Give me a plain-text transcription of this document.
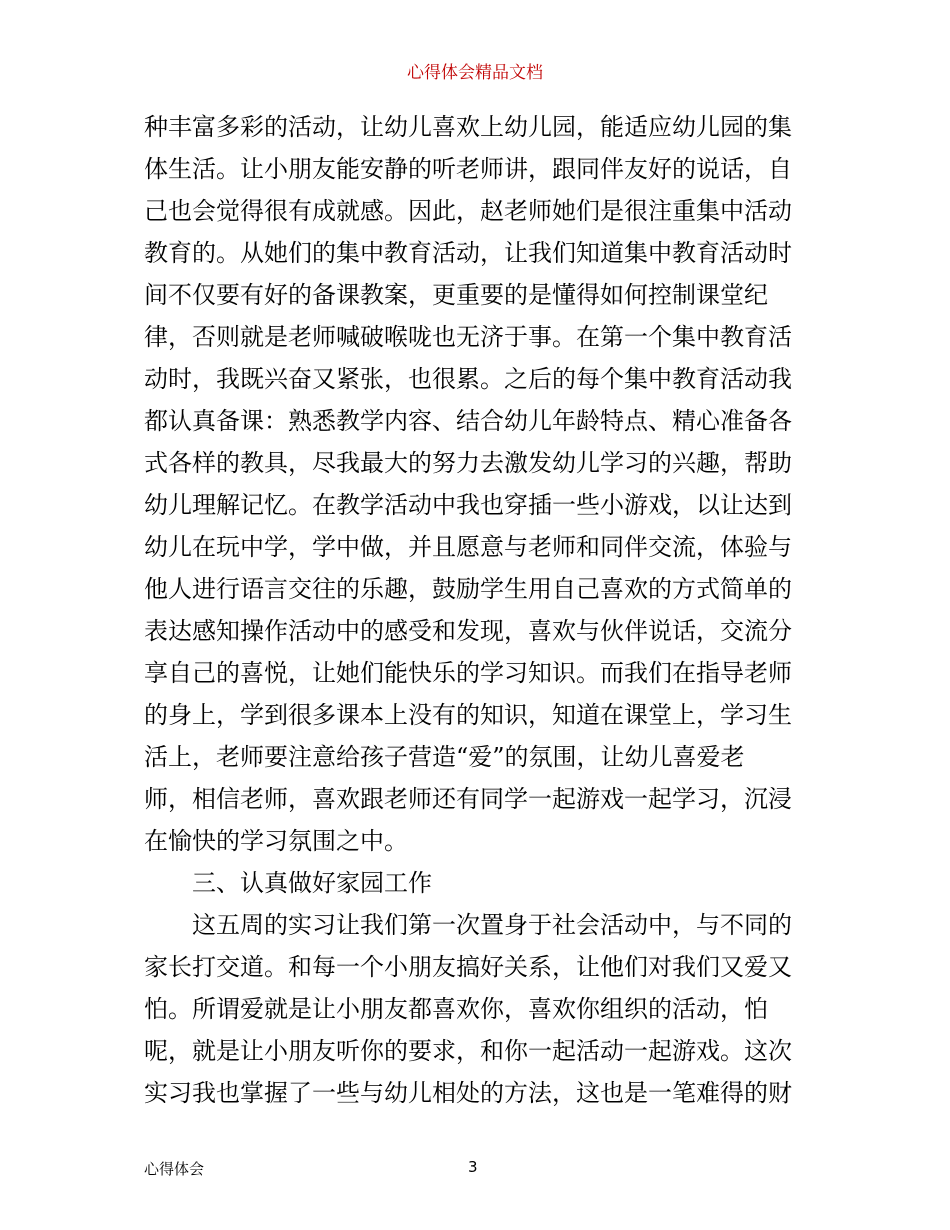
心得体会精品文档
种丰富多彩的活动，让幼儿喜欢上幼儿园，能适应幼儿园的集
体生活。让小朋友能安静的听老师讲，跟同伴友好的说话，自
己也会觉得很有成就感。因此，赵老师她们是很注重集中活动
教育的。从她们的集中教育活动，让我们知道集中教育活动时
间不仅要有好的备课教案，更重要的是懂得如何控制课堂纪
律，否则就是老师喊破喉咙也无济于事。在第一个集中教育活
动时，我既兴奋又紧张，也很累。之后的每个集中教育活动我
都认真备课：熟悉教学内容、结合幼儿年龄特点、精心准备各
式各样的教具，尽我最大的努力去激发幼儿学习的兴趣，帮助
幼儿理解记忆。在教学活动中我也穿插一些小游戏，以让达到
幼儿在玩中学，学中做，并且愿意与老师和同伴交流，体验与
他人进行语言交往的乐趣，鼓励学生用自己喜欢的方式简单的
表达感知操作活动中的感受和发现，喜欢与伙伴说话，交流分
享自己的喜悦，让她们能快乐的学习知识。而我们在指导老师
的身上，学到很多课本上没有的知识，知道在课堂上，学习生
活上，老师要注意给孩子营造“爱”的氛围，让幼儿喜爱老
师，相信老师，喜欢跟老师还有同学一起游戏一起学习，沉浸
在愉快的学习氛围之中。
三、认真做好家园工作
这五周的实习让我们第一次置身于社会活动中，与不同的
家长打交道。和每一个小朋友搞好关系，让他们对我们又爱又
怕。所谓爱就是让小朋友都喜欢你，喜欢你组织的活动，怕
呢，就是让小朋友听你的要求，和你一起活动一起游戏。这次
实习我也掌握了一些与幼儿相处的方法，这也是一笔难得的财
心得体会	3
